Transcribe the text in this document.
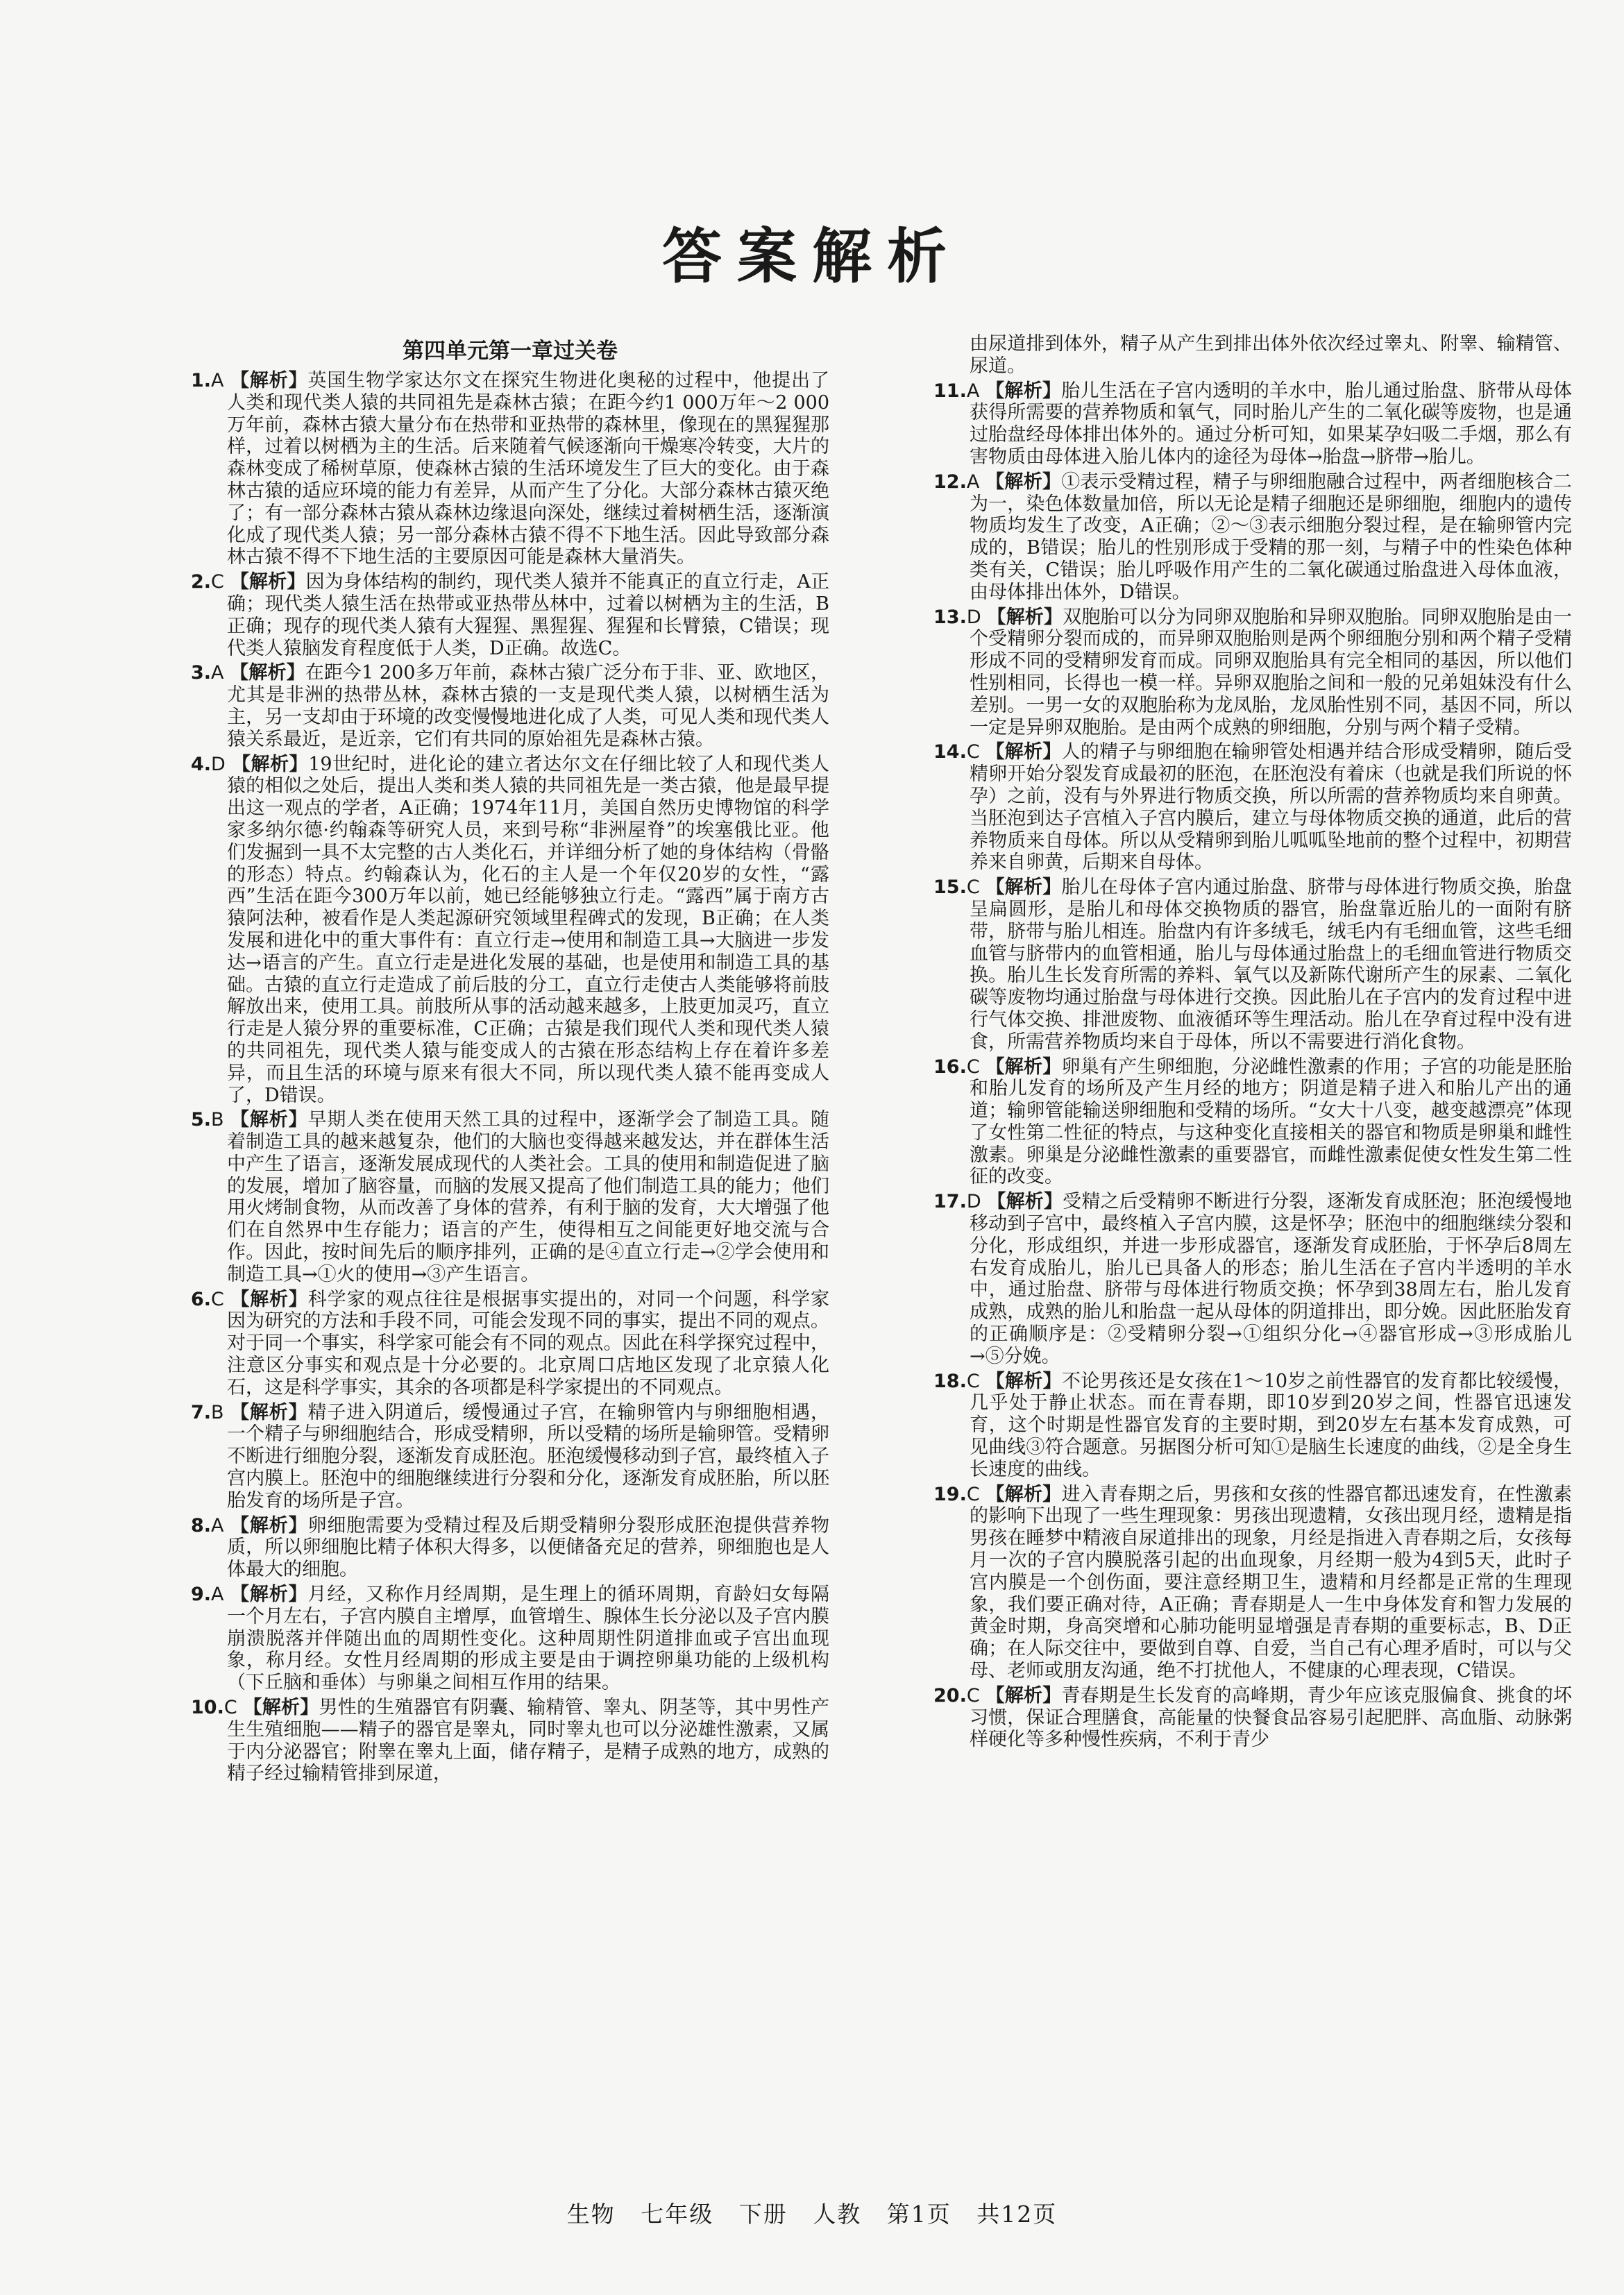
答案解析
第四单元第一章过关卷
1.A 【解析】英国生物学家达尔文在探究生物进化奥秘的过程中，他提出了人类和现代类人猿的共同祖先是森林古猿；在距今约1 000万年～2 000万年前，森林古猿大量分布在热带和亚热带的森林里，像现在的黑猩猩那样，过着以树栖为主的生活。后来随着气候逐渐向干燥寒冷转变，大片的森林变成了稀树草原，使森林古猿的生活环境发生了巨大的变化。由于森林古猿的适应环境的能力有差异，从而产生了分化。大部分森林古猿灭绝了；有一部分森林古猿从森林边缘退向深处，继续过着树栖生活，逐渐演化成了现代类人猿；另一部分森林古猿不得不下地生活。因此导致部分森林古猿不得不下地生活的主要原因可能是森林大量消失。
2.C 【解析】因为身体结构的制约，现代类人猿并不能真正的直立行走，A正确；现代类人猿生活在热带或亚热带丛林中，过着以树栖为主的生活，B正确；现存的现代类人猿有大猩猩、黑猩猩、猩猩和长臂猿，C错误；现代类人猿脑发育程度低于人类，D正确。故选C。
3.A 【解析】在距今1 200多万年前，森林古猿广泛分布于非、亚、欧地区，尤其是非洲的热带丛林，森林古猿的一支是现代类人猿，以树栖生活为主，另一支却由于环境的改变慢慢地进化成了人类，可见人类和现代类人猿关系最近，是近亲，它们有共同的原始祖先是森林古猿。
4.D 【解析】19世纪时，进化论的建立者达尔文在仔细比较了人和现代类人猿的相似之处后，提出人类和类人猿的共同祖先是一类古猿，他是最早提出这一观点的学者，A正确；1974年11月，美国自然历史博物馆的科学家多纳尔德·约翰森等研究人员，来到号称“非洲屋脊”的埃塞俄比亚。他们发掘到一具不太完整的古人类化石，并详细分析了她的身体结构（骨骼的形态）特点。约翰森认为，化石的主人是一个年仅20岁的女性，“露西”生活在距今300万年以前，她已经能够独立行走。“露西”属于南方古猿阿法种，被看作是人类起源研究领域里程碑式的发现，B正确；在人类发展和进化中的重大事件有：直立行走→使用和制造工具→大脑进一步发达→语言的产生。直立行走是进化发展的基础，也是使用和制造工具的基础。古猿的直立行走造成了前后肢的分工，直立行走使古人类能够将前肢解放出来，使用工具。前肢所从事的活动越来越多，上肢更加灵巧，直立行走是人猿分界的重要标准，C正确；古猿是我们现代人类和现代类人猿的共同祖先，现代类人猿与能变成人的古猿在形态结构上存在着许多差异，而且生活的环境与原来有很大不同，所以现代类人猿不能再变成人了，D错误。
5.B 【解析】早期人类在使用天然工具的过程中，逐渐学会了制造工具。随着制造工具的越来越复杂，他们的大脑也变得越来越发达，并在群体生活中产生了语言，逐渐发展成现代的人类社会。工具的使用和制造促进了脑的发展，增加了脑容量，而脑的发展又提高了他们制造工具的能力；他们用火烤制食物，从而改善了身体的营养，有利于脑的发育，大大增强了他们在自然界中生存能力；语言的产生，使得相互之间能更好地交流与合作。因此，按时间先后的顺序排列，正确的是④直立行走→②学会使用和制造工具→①火的使用→③产生语言。
6.C 【解析】科学家的观点往往是根据事实提出的，对同一个问题，科学家因为研究的方法和手段不同，可能会发现不同的事实，提出不同的观点。对于同一个事实，科学家可能会有不同的观点。因此在科学探究过程中，注意区分事实和观点是十分必要的。北京周口店地区发现了北京猿人化石，这是科学事实，其余的各项都是科学家提出的不同观点。
7.B 【解析】精子进入阴道后，缓慢通过子宫，在输卵管内与卵细胞相遇，一个精子与卵细胞结合，形成受精卵，所以受精的场所是输卵管。受精卵不断进行细胞分裂，逐渐发育成胚泡。胚泡缓慢移动到子宫，最终植入子宫内膜上。胚泡中的细胞继续进行分裂和分化，逐渐发育成胚胎，所以胚胎发育的场所是子宫。
8.A 【解析】卵细胞需要为受精过程及后期受精卵分裂形成胚泡提供营养物质，所以卵细胞比精子体积大得多，以便储备充足的营养，卵细胞也是人体最大的细胞。
9.A 【解析】月经，又称作月经周期，是生理上的循环周期，育龄妇女每隔一个月左右，子宫内膜自主增厚，血管增生、腺体生长分泌以及子宫内膜崩溃脱落并伴随出血的周期性变化。这种周期性阴道排血或子宫出血现象，称月经。女性月经周期的形成主要是由于调控卵巢功能的上级机构（下丘脑和垂体）与卵巢之间相互作用的结果。
10.C 【解析】男性的生殖器官有阴囊、输精管、睾丸、阴茎等，其中男性产生生殖细胞——精子的器官是睾丸，同时睾丸也可以分泌雄性激素，又属于内分泌器官；附睾在睾丸上面，储存精子，是精子成熟的地方，成熟的精子经过输精管排到尿道，
由尿道排到体外，精子从产生到排出体外依次经过睾丸、附睾、输精管、尿道。
11.A 【解析】胎儿生活在子宫内透明的羊水中，胎儿通过胎盘、脐带从母体获得所需要的营养物质和氧气，同时胎儿产生的二氧化碳等废物，也是通过胎盘经母体排出体外的。通过分析可知，如果某孕妇吸二手烟，那么有害物质由母体进入胎儿体内的途径为母体→胎盘→脐带→胎儿。
12.A 【解析】①表示受精过程，精子与卵细胞融合过程中，两者细胞核合二为一，染色体数量加倍，所以无论是精子细胞还是卵细胞，细胞内的遗传物质均发生了改变，A正确；②～③表示细胞分裂过程，是在输卵管内完成的，B错误；胎儿的性别形成于受精的那一刻，与精子中的性染色体种类有关，C错误；胎儿呼吸作用产生的二氧化碳通过胎盘进入母体血液，由母体排出体外，D错误。
13.D 【解析】双胞胎可以分为同卵双胞胎和异卵双胞胎。同卵双胞胎是由一个受精卵分裂而成的，而异卵双胞胎则是两个卵细胞分别和两个精子受精形成不同的受精卵发育而成。同卵双胞胎具有完全相同的基因，所以他们性别相同，长得也一模一样。异卵双胞胎之间和一般的兄弟姐妹没有什么差别。一男一女的双胞胎称为龙凤胎，龙凤胎性别不同，基因不同，所以一定是异卵双胞胎。是由两个成熟的卵细胞，分别与两个精子受精。
14.C 【解析】人的精子与卵细胞在输卵管处相遇并结合形成受精卵，随后受精卵开始分裂发育成最初的胚泡，在胚泡没有着床（也就是我们所说的怀孕）之前，没有与外界进行物质交换，所以所需的营养物质均来自卵黄。当胚泡到达子宫植入子宫内膜后，建立与母体物质交换的通道，此后的营养物质来自母体。所以从受精卵到胎儿呱呱坠地前的整个过程中，初期营养来自卵黄，后期来自母体。
15.C 【解析】胎儿在母体子宫内通过胎盘、脐带与母体进行物质交换，胎盘呈扁圆形，是胎儿和母体交换物质的器官，胎盘靠近胎儿的一面附有脐带，脐带与胎儿相连。胎盘内有许多绒毛，绒毛内有毛细血管，这些毛细血管与脐带内的血管相通，胎儿与母体通过胎盘上的毛细血管进行物质交换。胎儿生长发育所需的养料、氧气以及新陈代谢所产生的尿素、二氧化碳等废物均通过胎盘与母体进行交换。因此胎儿在子宫内的发育过程中进行气体交换、排泄废物、血液循环等生理活动。胎儿在孕育过程中没有进食，所需营养物质均来自于母体，所以不需要进行消化食物。
16.C 【解析】卵巢有产生卵细胞，分泌雌性激素的作用；子宫的功能是胚胎和胎儿发育的场所及产生月经的地方；阴道是精子进入和胎儿产出的通道；输卵管能输送卵细胞和受精的场所。“女大十八变，越变越漂亮”体现了女性第二性征的特点，与这种变化直接相关的器官和物质是卵巢和雌性激素。卵巢是分泌雌性激素的重要器官，而雌性激素促使女性发生第二性征的改变。
17.D 【解析】受精之后受精卵不断进行分裂，逐渐发育成胚泡；胚泡缓慢地移动到子宫中，最终植入子宫内膜，这是怀孕；胚泡中的细胞继续分裂和分化，形成组织，并进一步形成器官，逐渐发育成胚胎，于怀孕后8周左右发育成胎儿，胎儿已具备人的形态；胎儿生活在子宫内半透明的羊水中，通过胎盘、脐带与母体进行物质交换；怀孕到38周左右，胎儿发育成熟，成熟的胎儿和胎盘一起从母体的阴道排出，即分娩。因此胚胎发育的正确顺序是：②受精卵分裂→①组织分化→④器官形成→③形成胎儿→⑤分娩。
18.C 【解析】不论男孩还是女孩在1～10岁之前性器官的发育都比较缓慢，几乎处于静止状态。而在青春期，即10岁到20岁之间，性器官迅速发育，这个时期是性器官发育的主要时期，到20岁左右基本发育成熟，可见曲线③符合题意。另据图分析可知①是脑生长速度的曲线，②是全身生长速度的曲线。
19.C 【解析】进入青春期之后，男孩和女孩的性器官都迅速发育，在性激素的影响下出现了一些生理现象：男孩出现遗精，女孩出现月经，遗精是指男孩在睡梦中精液自尿道排出的现象，月经是指进入青春期之后，女孩每月一次的子宫内膜脱落引起的出血现象，月经期一般为4到5天，此时子宫内膜是一个创伤面，要注意经期卫生，遗精和月经都是正常的生理现象，我们要正确对待，A正确；青春期是人一生中身体发育和智力发展的黄金时期，身高突增和心肺功能明显增强是青春期的重要标志，B、D正确；在人际交往中，要做到自尊、自爱，当自己有心理矛盾时，可以与父母、老师或朋友沟通，绝不打扰他人，不健康的心理表现，C错误。
20.C 【解析】青春期是生长发育的高峰期，青少年应该克服偏食、挑食的坏习惯，保证合理膳食，高能量的快餐食品容易引起肥胖、高血脂、动脉粥样硬化等多种慢性疾病，不利于青少
生物 七年级 下册 人教 第1页 共12页
